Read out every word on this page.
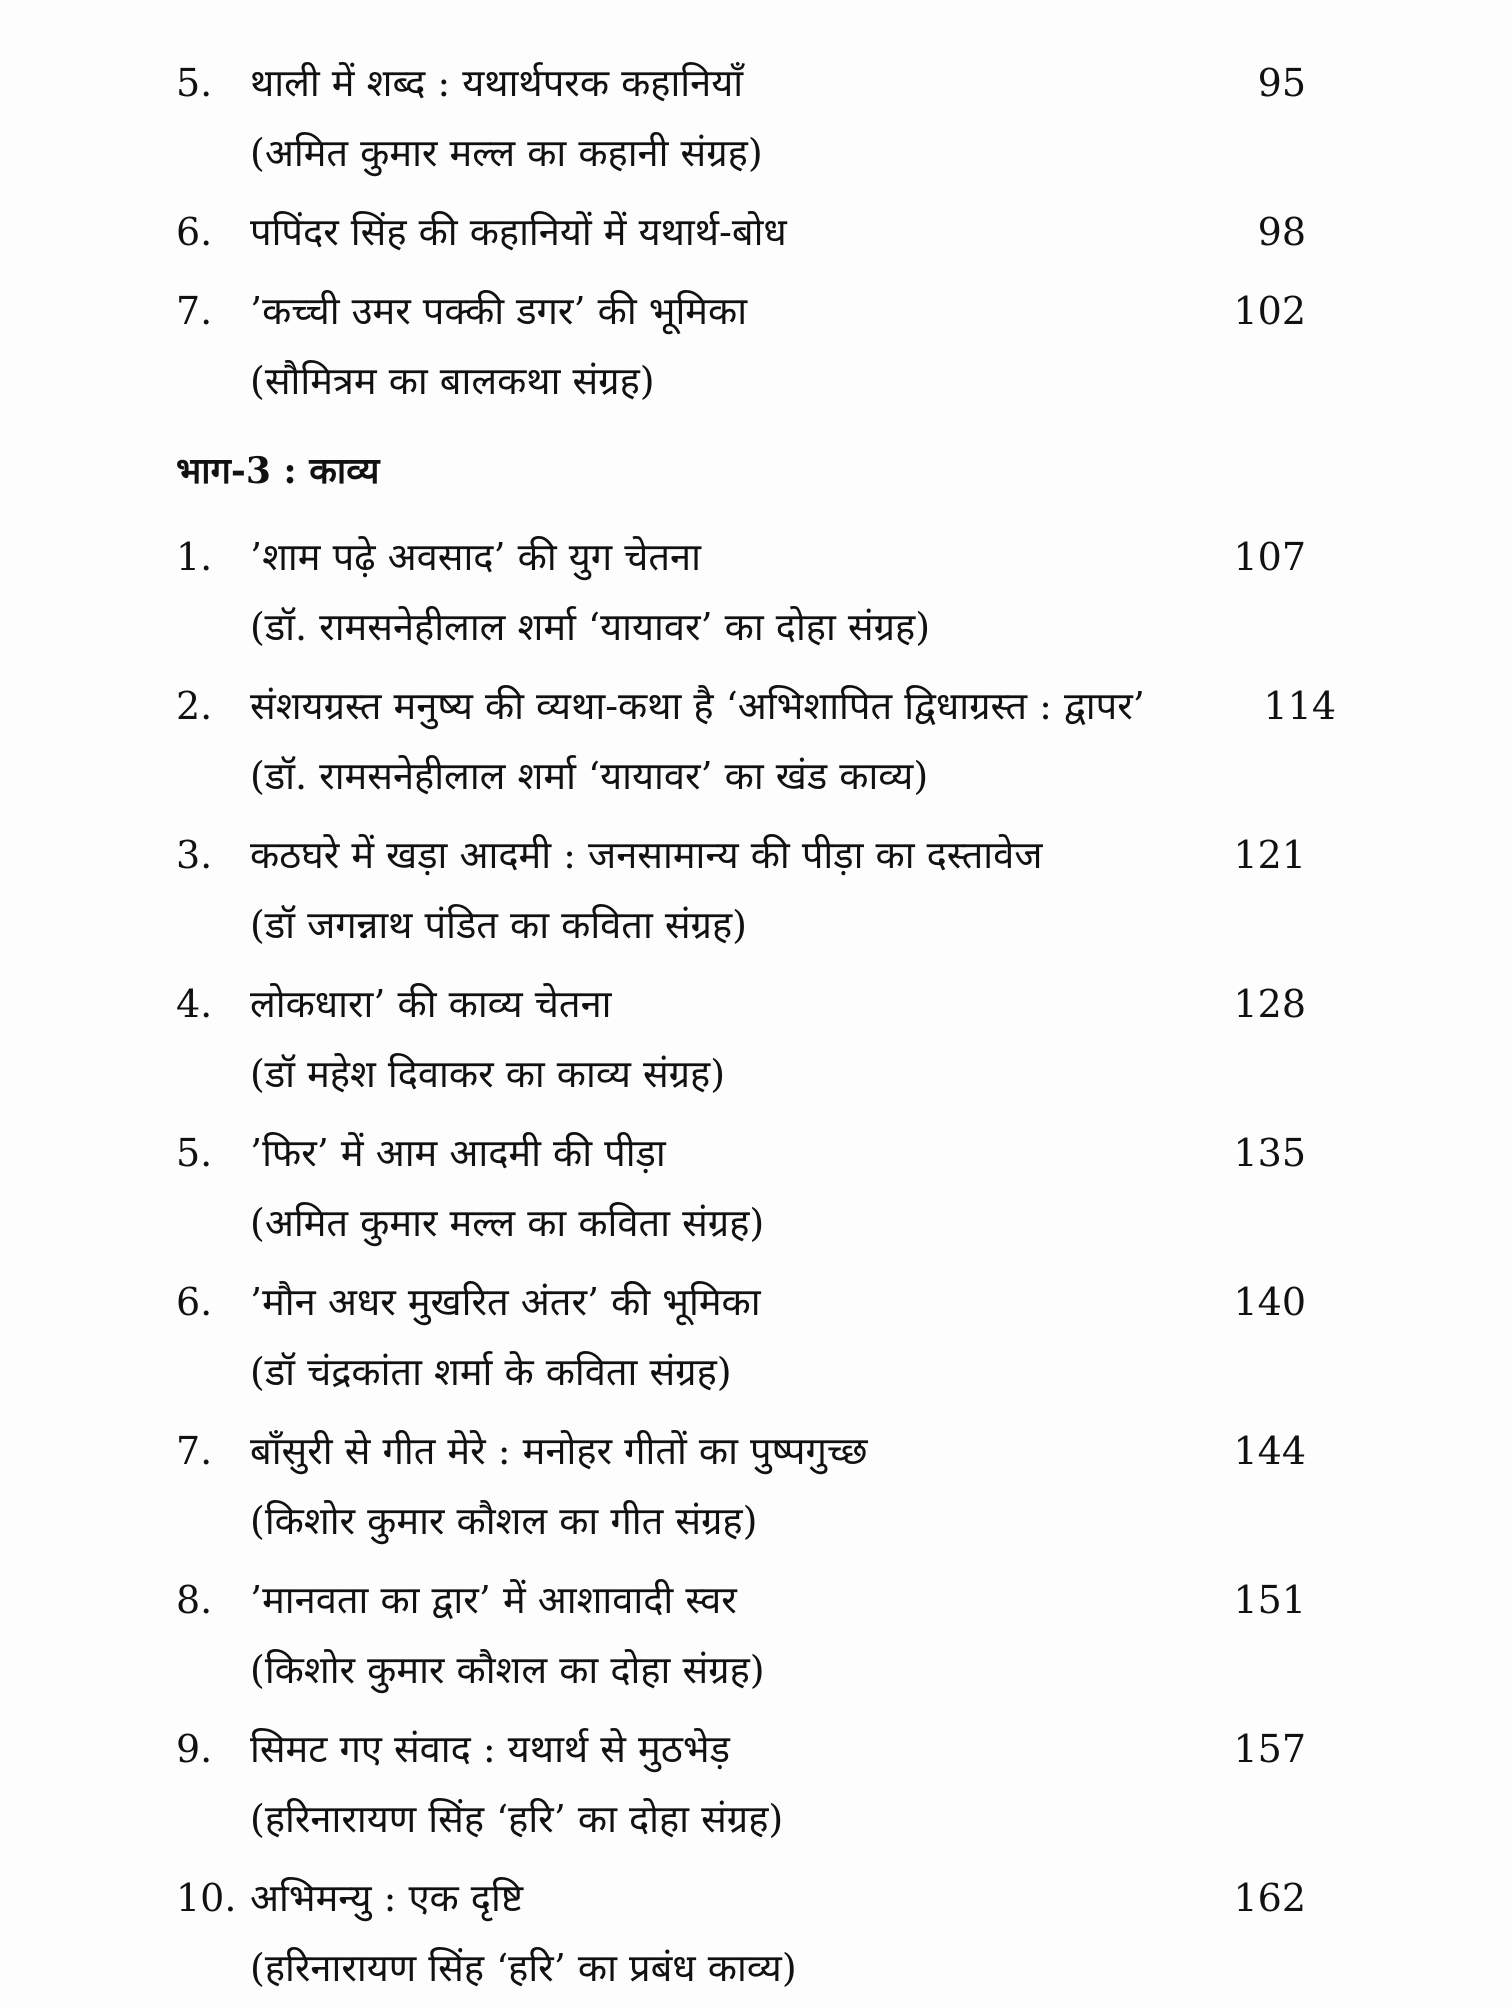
5. थाली में शब्द : यथार्थपरक कहानियाँ	95
(अमित कुमार मल्ल का कहानी संग्रह)
6. पपिंदर सिंह की कहानियों में यथार्थ-बोध	98
7. ’कच्ची उमर पक्की डगर’ की भूमिका	102
(सौमित्रम का बालकथा संग्रह)
भाग-3 : काव्य
1. ’शाम पढ़े अवसाद’ की युग चेतना	107
(डॉ. रामसनेहीलाल शर्मा ‘यायावर’ का दोहा संग्रह)
2. संशयग्रस्त मनुष्य की व्यथा-कथा है ‘अभिशापित द्विधाग्रस्त : द्वापर’	114
(डॉ. रामसनेहीलाल शर्मा ‘यायावर’ का खंड काव्य)
3. कठघरे में खड़ा आदमी : जनसामान्य की पीड़ा का दस्तावेज	121
(डॉ जगन्नाथ पंडित का कविता संग्रह)
4. लोकधारा’ की काव्य चेतना	128
(डॉ महेश दिवाकर का काव्य संग्रह)
5. ’फिर’ में आम आदमी की पीड़ा	135
(अमित कुमार मल्ल का कविता संग्रह)
6. ’मौन अधर मुखरित अंतर’ की भूमिका	140
(डॉ चंद्रकांता शर्मा के कविता संग्रह)
7. बाँसुरी से गीत मेरे : मनोहर गीतों का पुष्पगुच्छ	144
(किशोर कुमार कौशल का गीत संग्रह)
8. ’मानवता का द्वार’ में आशावादी स्वर	151
(किशोर कुमार कौशल का दोहा संग्रह)
9. सिमट गए संवाद : यथार्थ से मुठभेड़	157
(हरिनारायण सिंह ‘हरि’ का दोहा संग्रह)
10. अभिमन्यु : एक दृष्टि	162
(हरिनारायण सिंह ‘हरि’ का प्रबंध काव्य)
